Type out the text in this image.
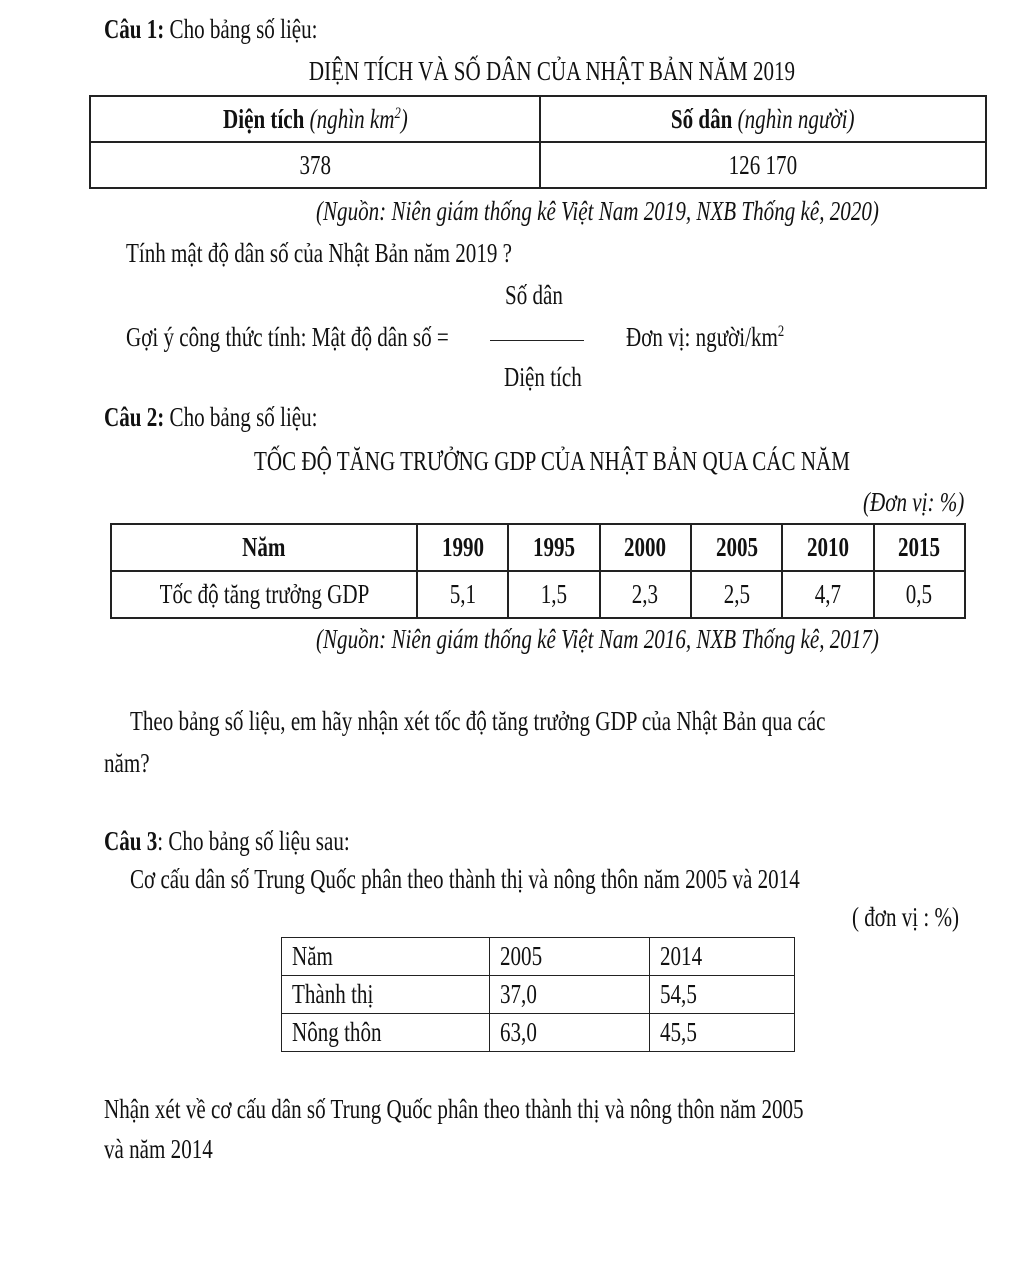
Câu 1: Cho bảng số liệu:
DIỆN TÍCH VÀ SỐ DÂN CỦA NHẬT BẢN NĂM 2019
Diện tích (nghìn $km^2$)	Số dân (nghìn người)
378	126 170
(Nguồn: Niên giám thống kê Việt Nam 2019, NXB Thống kê, 2020)
Tính mật độ dân số của Nhật Bản năm 2019 ?
Số dân
Gợi ý công thức tính: Mật độ dân số =	Đơn vị: người/$km^2$
Diện tích
Câu 2: Cho bảng số liệu:
TỐC ĐỘ TĂNG TRƯỞNG GDP CỦA NHẬT BẢN QUA CÁC NĂM
(Đơn vị: %)
Năm	1990	1995	2000	2005	2010	2015
Tốc độ tăng trưởng GDP	5,1	1,5	2,3	2,5	4,7	0,5
(Nguồn: Niên giám thống kê Việt Nam 2016, NXB Thống kê, 2017)
Theo bảng số liệu, em hãy nhận xét tốc độ tăng trưởng GDP của Nhật Bản qua các
năm?
Câu 3: Cho bảng số liệu sau:
Cơ cấu dân số Trung Quốc phân theo thành thị và nông thôn năm 2005 và 2014
( đơn vị : %)
Năm	2005	2014
Thành thị	37,0	54,5
Nông thôn	63,0	45,5
Nhận xét về cơ cấu dân số Trung Quốc phân theo thành thị và nông thôn năm 2005
và năm 2014
